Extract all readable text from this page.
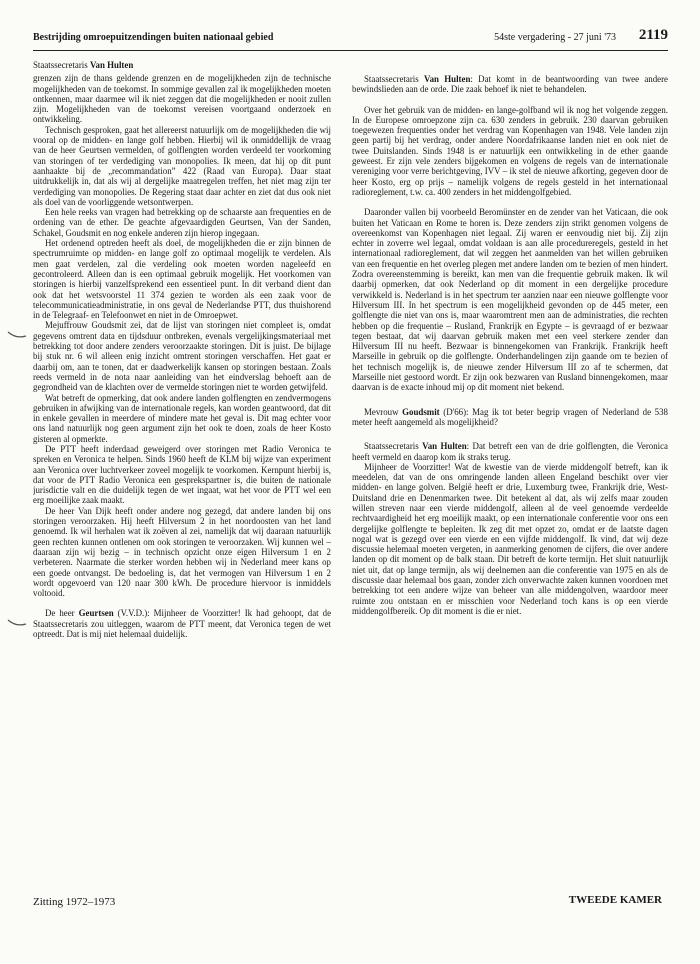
Bestrijding omroepuitzendingen buiten nationaal gebied	54ste vergadering - 27 juni '73 2119

Staatssecretaris Van Hulten

grenzen zijn de thans geldende grenzen en de mogelijkheden zijn de technische mogelijkheden van de toekomst. In sommige gevallen zal ik mogelijkheden moeten ontkennen, maar daarmee wil ik niet zeggen dat die mogelijkheden er nooit zullen zijn. Mogelijkheden van de toekomst vereisen voortgaand onderzoek en ontwikkeling.

Technisch gesproken, gaat het allereerst natuurlijk om de mogelijkheden die wij vooral op de midden- en lange golf hebben. Hierbij wil ik onmiddellijk de vraag van de heer Geurtsen vermelden, of golflengten worden verdeeld ter voorkoming van storingen of ter verdediging van monopolies. Ik meen, dat hij op dit punt aanhaakte bij de „recommandation” 422 (Raad van Europa). Daar staat uitdrukkelijk in, dat als wij al dergelijke maatregelen treffen, het niet mag zijn ter verdediging van monopolies. De Regering staat daar achter en ziet dat dus ook niet als doel van de voorliggende wetsontwerpen.

Een hele reeks van vragen had betrekking op de schaarste aan frequenties en de ordening van de ether. De geachte afgevaardigden Geurtsen, Van der Sanden, Schakel, Goudsmit en nog enkele anderen zijn hierop ingegaan.

Het ordenend optreden heeft als doel, de mogelijkheden die er zijn binnen de spectrumruimte op midden- en lange golf zo optimaal mogelijk te verdelen. Als men gaat verdelen, zal die verdeling ook moeten worden nageleefd en gecontroleerd. Alleen dan is een optimaal gebruik mogelijk. Het voorkomen van storingen is hierbij vanzelfsprekend een essentieel punt. In dit verband dient dan ook dat het wetsvoorstel 11 374 gezien te worden als een zaak voor de telecommunicatieadministratie, in ons geval de Nederlandse PTT, dus thuishorend in de Telegraaf- en Telefoonwet en niet in de Omroepwet.

Mejuffrouw Goudsmit zei, dat de lijst van storingen niet compleet is, omdat gegevens omtrent data en tijdsduur ontbreken, evenals vergelijkingsmateriaal met betrekking tot door andere zenders veroorzaakte storingen. Dit is juist. De bijlage bij stuk nr. 6 wil alleen enig inzicht omtrent storingen verschaffen. Het gaat er daarbij om, aan te tonen, dat er daadwerkelijk kansen op storingen bestaan. Zoals reeds vermeld in de nota naar aanleiding van het eindverslag behoeft aan de gegrondheid van de klachten over de vermelde storingen niet te worden getwijfeld.

Wat betreft de opmerking, dat ook andere landen golflengten en zendvermogens gebruiken in afwijking van de internationale regels, kan worden geantwoord, dat dit in enkele gevallen in meerdere of mindere mate het geval is. Dit mag echter voor ons land natuurlijk nog geen argument zijn het ook te doen, zoals de heer Kosto gisteren al opmerkte.

De PTT heeft inderdaad geweigerd over storingen met Radio Veronica te spreken en Veronica te helpen. Sinds 1960 heeft de KLM bij wijze van experiment aan Veronica over luchtverkeer zoveel mogelijk te voorkomen. Kernpunt hierbij is, dat voor de PTT Radio Veronica een gesprekspartner is, die buiten de nationale jurisdictie valt en die duidelijk tegen de wet ingaat, wat het voor de PTT wel een erg moeilijke zaak maakt.

De heer Van Dijk heeft onder andere nog gezegd, dat andere landen bij ons storingen veroorzaken. Hij heeft Hilversum 2 in het noordoosten van het land genoemd. Ik wil herhalen wat ik zoëven al zei, namelijk dat wij daaraan natuurlijk geen rechten kunnen ontlenen om ook storingen te veroorzaken. Wij kunnen wel – daaraan zijn wij bezig – in technisch opzicht onze eigen Hilversum 1 en 2 verbeteren. Naarmate die sterker worden hebben wij in Nederland meer kans op een goede ontvangst. De bedoeling is, dat het vermogen van Hilversum 1 en 2 wordt opgevoerd van 120 naar 300 kWh. De procedure hiervoor is inmiddels voltooid.

De heer Geurtsen (V.V.D.): Mijnheer de Voorzitter! Ik had gehoopt, dat de Staatssecretaris zou uitleggen, waarom de PTT meent, dat Veronica tegen de wet optreedt. Dat is mij niet helemaal duidelijk.

Staatssecretaris Van Hulten: Dat komt in de beantwoording van twee andere bewindslieden aan de orde. Die zaak behoef ik niet te behandelen.

Over het gebruik van de midden- en lange-golfband wil ik nog het volgende zeggen. In de Europese omroepzone zijn ca. 630 zenders in gebruik. 230 daarvan gebruiken toegewezen frequenties onder het verdrag van Kopenhagen van 1948. Vele landen zijn geen partij bij het verdrag, onder andere Noordafrikaanse landen niet en ook niet de twee Duitslanden. Sinds 1948 is er natuurlijk een ontwikkeling in de ether gaande geweest. Er zijn vele zenders bijgekomen en volgens de regels van de internationale vereniging voor verre berichtgeving, IVV – ik stel de nieuwe afkorting, gegeven door de heer Kosto, erg op prijs – namelijk volgens de regels gesteld in het internationaal radioreglement, t.w. ca. 400 zenders in het middengolfgebied.

Daaronder vallen bij voorbeeld Beromünster en de zender van het Vaticaan, die ook buiten het Vaticaan en Rome te horen is. Deze zenders zijn strikt genomen volgens de overeenkomst van Kopenhagen niet legaal. Zij waren er eenvoudig niet bij. Zij zijn echter in zoverre wel legaal, omdat voldaan is aan alle procedureregels, gesteld in het internationaal radioreglement, dat wil zeggen het aanmelden van het willen gebruiken van een frequentie en het overleg plegen met andere landen om te bezien of men hindert. Zodra overeenstemming is bereikt, kan men van die frequentie gebruik maken. Ik wil daarbij opmerken, dat ook Nederland op dit moment in een dergelijke procedure verwikkeld is. Nederland is in het spectrum ter aanzien naar een nieuwe golflengte voor Hilversum III. In het spectrum is een mogelijkheid gevonden op de 445 meter, een golflengte die niet van ons is, maar waaromtrent men aan de administraties, die rechten hebben op die frequentie – Rusland, Frankrijk en Egypte – is gevraagd of er bezwaar tegen bestaat, dat wij daarvan gebruik maken met een veel sterkere zender dan Hilversum III nu heeft. Bezwaar is binnengekomen van Frankrijk. Frankrijk heeft Marseille in gebruik op die golflengte. Onderhandelingen zijn gaande om te bezien of het technisch mogelijk is, de nieuwe zender Hilversum III zo af te schermen, dat Marseille niet gestoord wordt. Er zijn ook bezwaren van Rusland binnengekomen, maar daarvan is de exacte inhoud mij op dit moment niet bekend.

Mevrouw Goudsmit (D'66): Mag ik tot beter begrip vragen of Nederland de 538 meter heeft aangemeld als mogelijkheid?

Staatssecretaris Van Hulten: Dat betreft een van de drie golflengten, die Veronica heeft vermeld en daarop kom ik straks terug.

Mijnheer de Voorzitter! Wat de kwestie van de vierde middengolf betreft, kan ik meedelen, dat van de ons omringende landen alleen Engeland beschikt over vier midden- en lange golven. België heeft er drie, Luxemburg twee, Frankrijk drie, West-Duitsland drie en Denenmarken twee. Dit betekent al dat, als wij zelfs maar zouden willen streven naar een vierde middengolf, alleen al de veel genoemde verdeelde rechtvaardigheid het erg moeilijk maakt, op een internationale conferentie voor ons een dergelijke golflengte te bepleiten. Ik zeg dit met opzet zo, omdat er de laatste dagen nogal wat is gezegd over een vierde en een vijfde middengolf. Ik vind, dat wij deze discussie helemaal moeten vergeten, in aanmerking genomen de cijfers, die over andere landen op dit moment op de balk staan. Dit betreft de korte termijn. Het sluit natuurlijk niet uit, dat op lange termijn, als wij deelnemen aan die conferentie van 1975 en als de discussie daar helemaal bos gaan, zonder zich onverwachte zaken kunnen voordoen met betrekking tot een andere wijze van beheer van alle middengolven, waardoor meer ruimte zou ontstaan en er misschien voor Nederland toch kans is op een vierde middengolfbereik. Op dit moment is die er niet.

Zitting 1972–1973	TWEEDE KAMER
